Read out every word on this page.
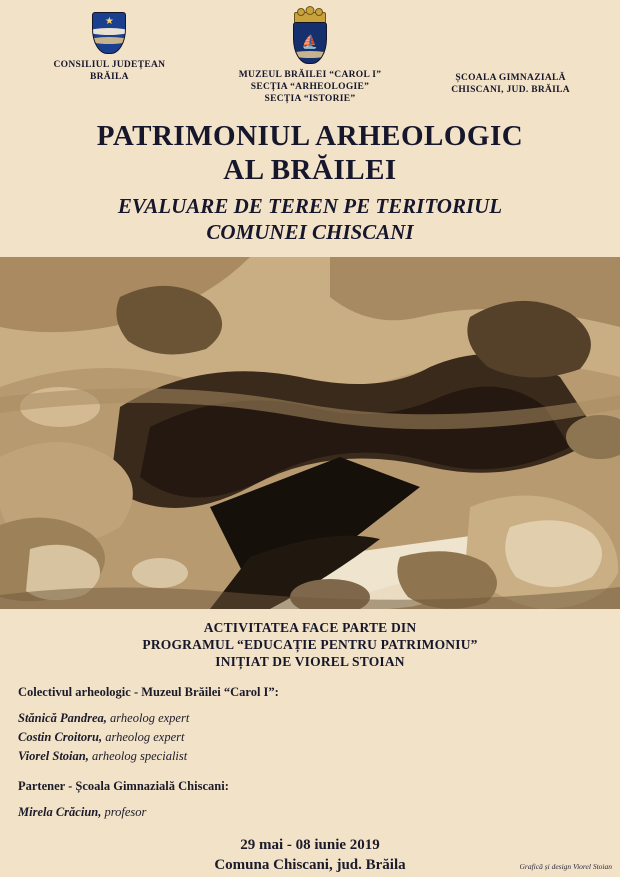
★
CONSILIUL JUDEȚEAN
BRĂILA
⛵
MUZEUL BRĂILEI “CAROL I”
SECȚIA “ARHEOLOGIE”
SECȚIA “ISTORIE”
ȘCOALA GIMNAZIALĂ
CHISCANI, JUD. BRĂILA
PATRIMONIUL ARHEOLOGIC
AL BRĂILEI
EVALUARE DE TEREN PE TERITORIUL
COMUNEI CHISCANI
ACTIVITATEA FACE PARTE DIN
PROGRAMUL “EDUCAȚIE PENTRU PATRIMONIU”
INIȚIAT DE VIOREL STOIAN
Colectivul arheologic - Muzeul Brăilei “Carol I”:
Stănică Pandrea, arheolog expert
Costin Croitoru, arheolog expert
Viorel Stoian, arheolog specialist
Partener - Școala Gimnazială Chiscani:
Mirela Crăciun, profesor
29 mai - 08 iunie 2019
Comuna Chiscani, jud. Brăila	Grafică și design Viorel Stoian
